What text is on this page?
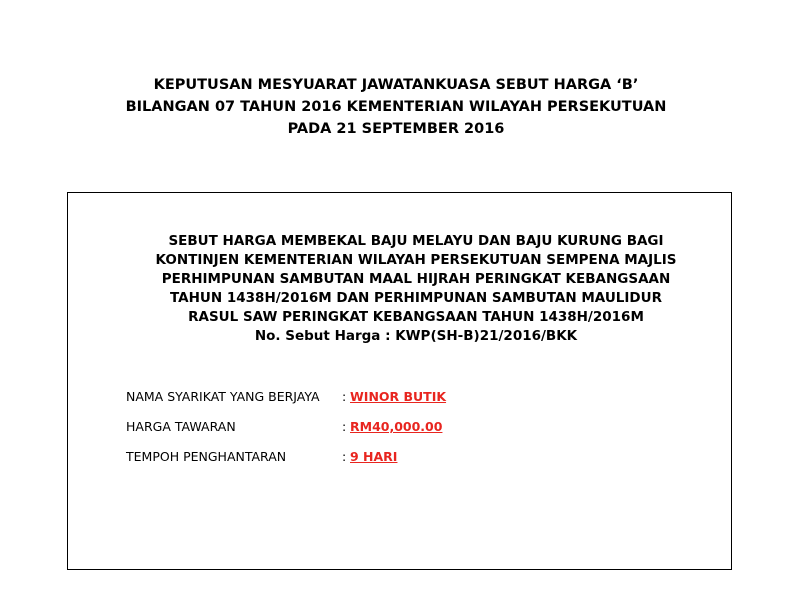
KEPUTUSAN MESYUARAT JAWATANKUASA SEBUT HARGA ‘B’
BILANGAN 07 TAHUN 2016 KEMENTERIAN WILAYAH PERSEKUTUAN
PADA 21 SEPTEMBER 2016
SEBUT HARGA MEMBEKAL BAJU MELAYU DAN BAJU KURUNG BAGI
KONTINJEN KEMENTERIAN WILAYAH PERSEKUTUAN SEMPENA MAJLIS
PERHIMPUNAN SAMBUTAN MAAL HIJRAH PERINGKAT KEBANGSAAN
TAHUN 1438H/2016M DAN PERHIMPUNAN SAMBUTAN MAULIDUR
RASUL SAW PERINGKAT KEBANGSAAN TAHUN 1438H/2016M
No. Sebut Harga : KWP(SH-B)21/2016/BKK
NAMA SYARIKAT YANG BERJAYA : WINOR BUTIK
HARGA TAWARAN	: RM40,000.00
TEMPOH PENGHANTARAN	: 9 HARI
